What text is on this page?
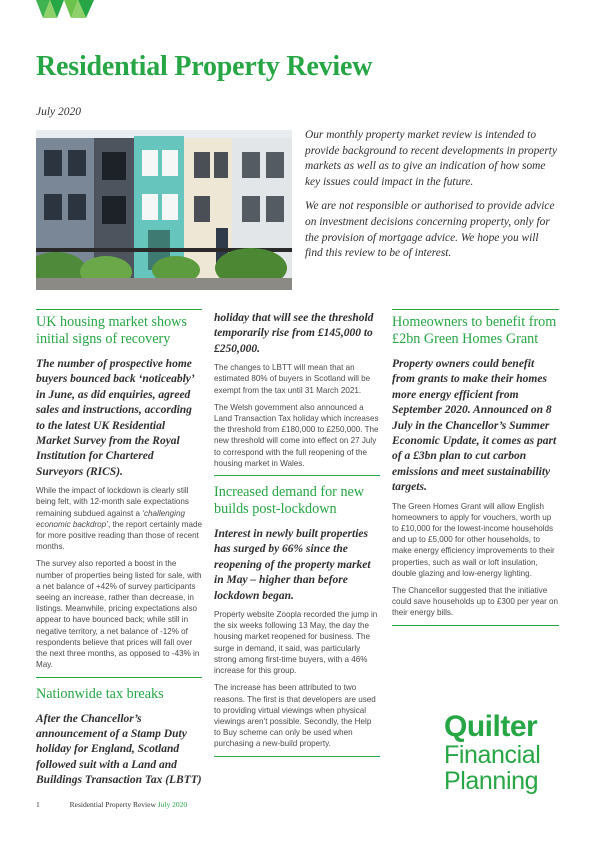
Residential Property Review
July 2020

Our monthly property market review is intended to provide background to recent developments in property markets as well as to give an indication of how some key issues could impact in the future.

We are not responsible or authorised to provide advice on investment decisions concerning property, only for the provision of mortgage advice. We hope you will find this review to be of interest.

UK housing market shows initial signs of recovery
The number of prospective home buyers bounced back ‘noticeably’ in June, as did enquiries, agreed sales and instructions, according to the latest UK Residential Market Survey from the Royal Institution for Chartered Surveyors (RICS).

While the impact of lockdown is clearly still being felt, with 12-month sale expectations remaining subdued against a ‘challenging economic backdrop’, the report certainly made for more positive reading than those of recent months.

The survey also reported a boost in the number of properties being listed for sale, with a net balance of +42% of survey participants seeing an increase, rather than decrease, in listings. Meanwhile, pricing expectations also appear to have bounced back; while still in negative territory, a net balance of -12% of respondents believe that prices will fall over the next three months, as opposed to -43% in May.

Nationwide tax breaks
After the Chancellor’s announcement of a Stamp Duty holiday for England, Scotland followed suit with a Land and Buildings Transaction Tax (LBTT)
holiday that will see the threshold temporarily rise from £145,000 to £250,000.

The changes to LBTT will mean that an estimated 80% of buyers in Scotland will be exempt from the tax until 31 March 2021.

The Welsh government also announced a Land Transaction Tax holiday which increases the threshold from £180,000 to £250,000. The new threshold will come into effect on 27 July to correspond with the full reopening of the housing market in Wales.

Increased demand for new builds post-lockdown
Interest in newly built properties has surged by 66% since the reopening of the property market in May – higher than before lockdown began.

Property website Zoopla recorded the jump in the six weeks following 13 May, the day the housing market reopened for business. The surge in demand, it said, was particularly strong among first-time buyers, with a 46% increase for this group.

The increase has been attributed to two reasons. The first is that developers are used to providing virtual viewings when physical viewings aren’t possible. Secondly, the Help to Buy scheme can only be used when purchasing a new-build property.

Homeowners to benefit from £2bn Green Homes Grant
Property owners could benefit from grants to make their homes more energy efficient from September 2020. Announced on 8 July in the Chancellor’s Summer Economic Update, it comes as part of a £3bn plan to cut carbon emissions and meet sustainability targets.

The Green Homes Grant will allow English homeowners to apply for vouchers, worth up to £10,000 for the lowest-income households and up to £5,000 for other households, to make energy efficiency improvements to their properties, such as wall or loft insulation, double glazing and low-energy lighting.

The Chancellor suggested that the initiative could save households up to £300 per year on their energy bills.

1	Residential Property Review July 2020
Quilter
Financial
Planning
